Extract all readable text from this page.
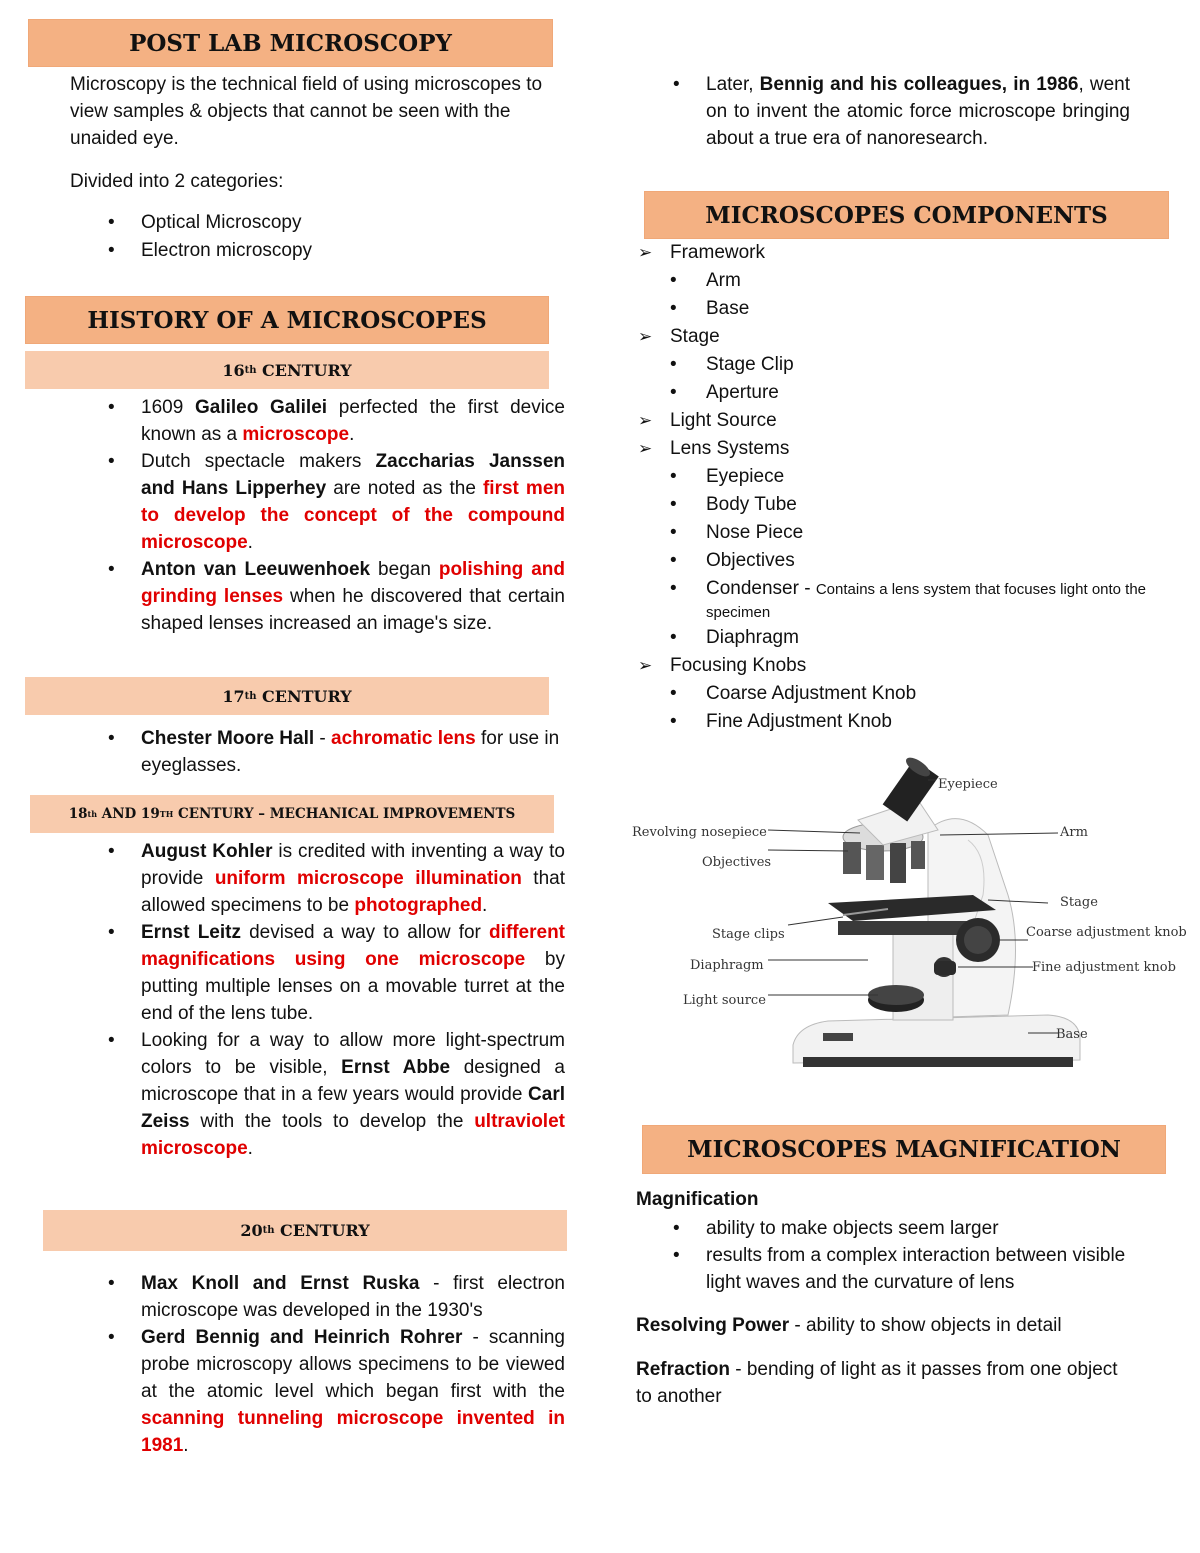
POST LAB MICROSCOPY
Microscopy is the technical field of using microscopes to view samples & objects that cannot be seen with the unaided eye.
Divided into 2 categories:
• Optical Microscopy
• Electron microscopy
HISTORY OF A MICROSCOPES
16 th CENTURY
• 1609 Galileo Galilei perfected the first device known as a microscope.
• Dutch spectacle makers Zaccharias Janssen and Hans Lipperhey are noted as the first men to develop the concept of the compound microscope.
• Anton van Leeuwenhoek began polishing and grinding lenses when he discovered that certain shaped lenses increased an image's size.
17 th CENTURY
• Chester Moore Hall - achromatic lens for use in eyeglasses.
18 th AND 19 TH CENTURY – MECHANICAL IMPROVEMENTS
• August Kohler is credited with inventing a way to provide uniform microscope illumination that allowed specimens to be photographed.
• Ernst Leitz devised a way to allow for different magnifications using one microscope by putting multiple lenses on a movable turret at the end of the lens tube.
• Looking for a way to allow more light-spectrum colors to be visible, Ernst Abbe designed a microscope that in a few years would provide Carl Zeiss with the tools to develop the ultraviolet microscope.
20 th CENTURY
• Max Knoll and Ernst Ruska - first electron microscope was developed in the 1930's
• Gerd Bennig and Heinrich Rohrer - scanning probe microscopy allows specimens to be viewed at the atomic level which began first with the scanning tunneling microscope invented in 1981.
• Later, Bennig and his colleagues, in 1986, went on to invent the atomic force microscope bringing about a true era of nanoresearch.
MICROSCOPES COMPONENTS
➢ Framework
• Arm
• Base
➢ Stage
• Stage Clip
• Aperture
➢ Light Source
➢ Lens Systems
• Eyepiece
• Body Tube
• Nose Piece
• Objectives
• Condenser - Contains a lens system that focuses light onto the specimen
• Diaphragm
➢ Focusing Knobs
• Coarse Adjustment Knob
• Fine Adjustment Knob
Eyepiece
Revolving nosepiece
Objectives
Arm
Stage
Stage clips	Coarse adjustment knob
Diaphragm	Fine adjustment knob
Light source
Base
MICROSCOPES MAGNIFICATION
Magnification
• ability to make objects seem larger
• results from a complex interaction between visible light waves and the curvature of lens
Resolving Power - ability to show objects in detail
Refraction - bending of light as it passes from one object to another
